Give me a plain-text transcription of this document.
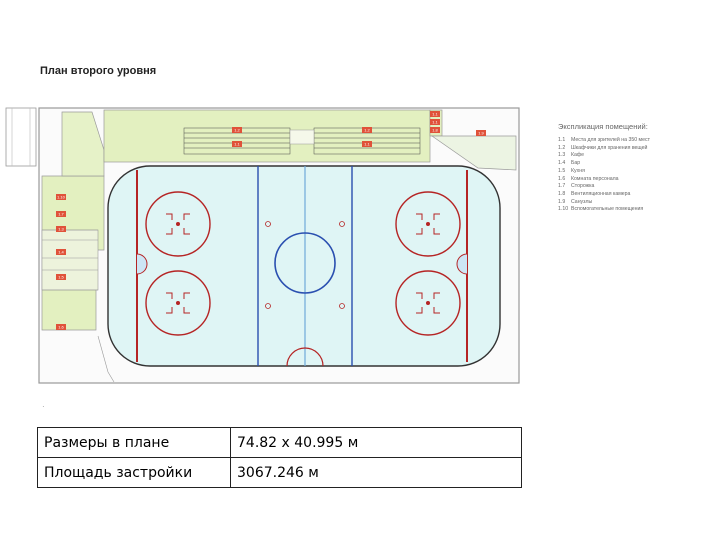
План второго уровня
1.2	1.2
1.1	1.1
1.1
1.1
1.8
1.9
1.10
1.3
1.4
1.5
1.6
1.7
Экспликация помещений:
1.1 Места для зрителей на 350 мест
1.2 Шкафчики для хранения вещей
1.3 Кафе
1.4 Бар
1.5 Кухня
1.6 Комната персонала
1.7 Сторожка
1.8 Вентиляционная камера
1.9 Санузлы
1.10 Вспомогательные помещения
·
Размеры в плане	74.82 х 40.995 м
Площадь застройки	3067.246 м
